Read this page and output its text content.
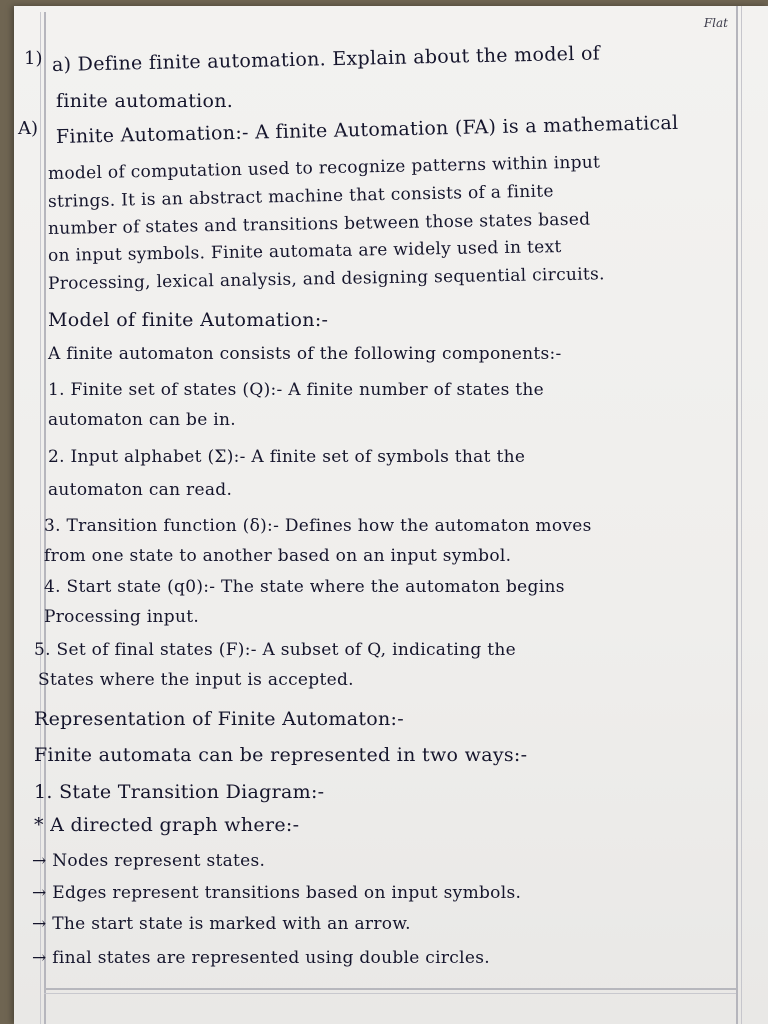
Flat
1)
A)
a) Define finite automation. Explain about the model of
finite automation.
Finite Automation:- A finite Automation (FA) is a mathematical
model of computation used to recognize patterns within input
strings. It is an abstract machine that consists of a finite
number of states and transitions between those states based
on input symbols. Finite automata are widely used in text
Processing, lexical analysis, and designing sequential circuits.
Model of finite Automation:-
A finite automaton consists of the following components:-
1. Finite set of states (Q):- A finite number of states the
automaton can be in.
2. Input alphabet (Σ):- A finite set of symbols that the
automaton can read.
3. Transition function (δ):- Defines how the automaton moves
from one state to another based on an input symbol.
4. Start state (q0):- The state where the automaton begins
Processing input.
5. Set of final states (F):- A subset of Q, indicating the
States where the input is accepted.
Representation of Finite Automaton:-
Finite automata can be represented in two ways:-
1. State Transition Diagram:-
* A directed graph where:-
→ Nodes represent states.
→ Edges represent transitions based on input symbols.
→ The start state is marked with an arrow.
→ final states are represented using double circles.
